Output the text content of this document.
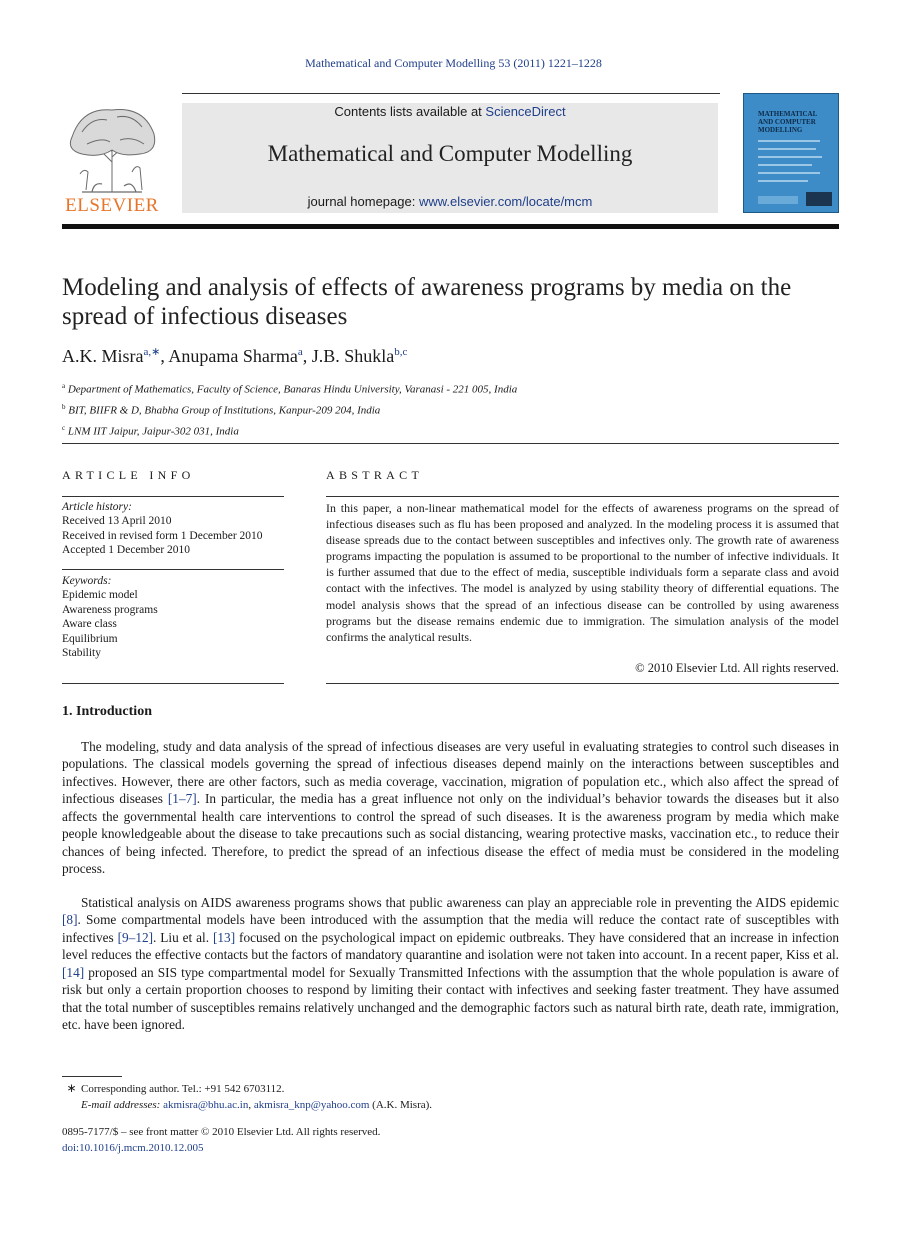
Mathematical and Computer Modelling 53 (2011) 1221–1228
ELSEVIER
Contents lists available at ScienceDirect
Mathematical and Computer Modelling
journal homepage: www.elsevier.com/locate/mcm
MATHEMATICAL AND COMPUTER MODELLING
Modeling and analysis of effects of awareness programs by media on the spread of infectious diseases
A.K. Misra$^{a,∗}$, Anupama Sharma$^a$, J.B. Shukla$^{b,c}$
$^a$ Department of Mathematics, Faculty of Science, Banaras Hindu University, Varanasi - 221 005, India
$^b$ BIT, BIIFR & D, Bhabha Group of Institutions, Kanpur-209 204, India
$^c$ LNM IIT Jaipur, Jaipur-302 031, India
ARTICLE INFO
Article history:
Received 13 April 2010
Received in revised form 1 December 2010
Accepted 1 December 2010
Keywords:
Epidemic model
Awareness programs
Aware class
Equilibrium
Stability
ABSTRACT
In this paper, a non-linear mathematical model for the effects of awareness programs on the spread of infectious diseases such as flu has been proposed and analyzed. In the modeling process it is assumed that disease spreads due to the contact between susceptibles and infectives only. The growth rate of awareness programs impacting the population is assumed to be proportional to the number of infective individuals. It is further assumed that due to the effect of media, susceptible individuals form a separate class and avoid contact with the infectives. The model is analyzed by using stability theory of differential equations. The model analysis shows that the spread of an infectious disease can be controlled by using awareness programs but the disease remains endemic due to immigration. The simulation analysis of the model confirms the analytical results.
© 2010 Elsevier Ltd. All rights reserved.
1. Introduction
The modeling, study and data analysis of the spread of infectious diseases are very useful in evaluating strategies to control such diseases in populations. The classical models governing the spread of infectious diseases depend mainly on the interactions between susceptibles and infectives. However, there are other factors, such as media coverage, vaccination, migration of population etc., which also affect the spread of infectious diseases [1–7]. In particular, the media has a great influence not only on the individual’s behavior towards the diseases but it also affects the governmental health care interventions to control the spread of such diseases. It is the awareness program by media which make people knowledgeable about the disease to take precautions such as social distancing, wearing protective masks, vaccination etc., to reduce their chances of being infected. Therefore, to predict the spread of an infectious disease the effect of media must be considered in the modeling process.
Statistical analysis on AIDS awareness programs shows that public awareness can play an appreciable role in preventing the AIDS epidemic [8]. Some compartmental models have been introduced with the assumption that the media will reduce the contact rate of susceptibles with infectives [9–12]. Liu et al. [13] focused on the psychological impact on epidemic outbreaks. They have considered that an increase in infection level reduces the effective contacts but the factors of mandatory quarantine and isolation were not taken into account. In a recent paper, Kiss et al. [14] proposed an SIS type compartmental model for Sexually Transmitted Infections with the assumption that the whole population is aware of risk but only a certain proportion chooses to respond by limiting their contact with infectives and seeking faster treatment. They have assumed that the total number of susceptibles remains relatively unchanged and the demographic factors such as natural birth rate, death rate, immigration, etc. have been ignored.
∗ Corresponding author. Tel.: +91 542 6703112.
E-mail addresses: akmisra@bhu.ac.in, akmisra_knp@yahoo.com (A.K. Misra).
0895-7177/$ – see front matter © 2010 Elsevier Ltd. All rights reserved.
doi:10.1016/j.mcm.2010.12.005
